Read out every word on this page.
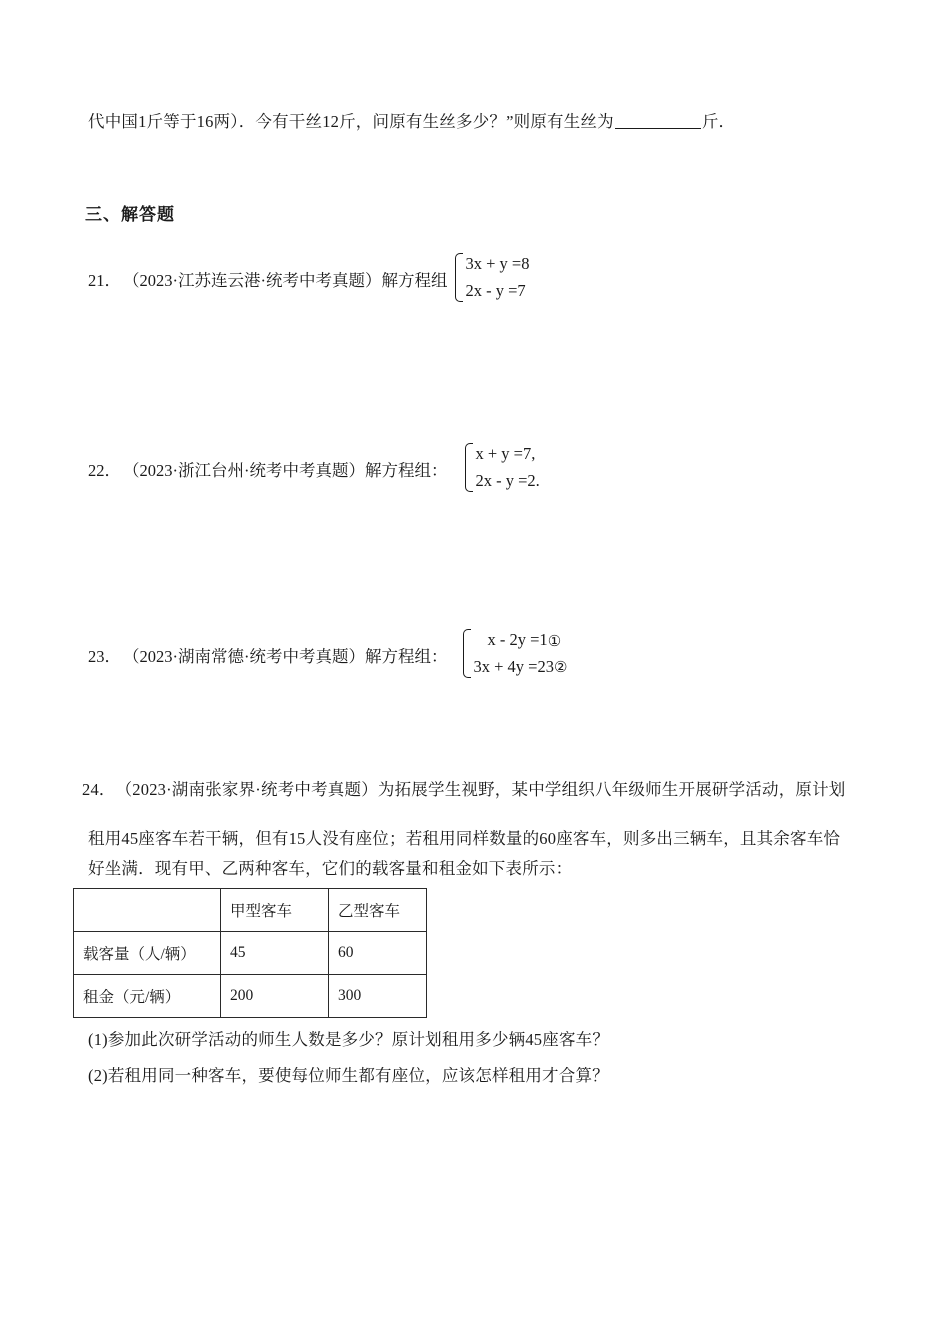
代中国1斤等于16两）．今有干丝12斤，问原有生丝多少？”则原有生丝为	斤．
三、解答题
21． （2023·江苏连云港·统考中考真题）解方程组
3x + y =8
2x - y =7
22． （2023·浙江台州·统考中考真题）解方程组：
x + y =7,
2x - y =2.
23． （2023·湖南常德·统考中考真题）解方程组：
x - 2y =1①
3x + 4y =23②
24．（2023·湖南张家界·统考中考真题）为拓展学生视野，某中学组织八年级师生开展研学活动，原计划
租用45座客车若干辆，但有15人没有座位；若租用同样数量的60座客车，则多出三辆车，且其余客车恰
好坐满．现有甲、乙两种客车，它们的载客量和租金如下表所示：
	甲型客车	乙型客车
载客量（人/辆）	45	60
租金（元/辆）	200	300
(1)参加此次研学活动的师生人数是多少？原计划租用多少辆45座客车？
(2)若租用同一种客车，要使每位师生都有座位，应该怎样租用才合算？
